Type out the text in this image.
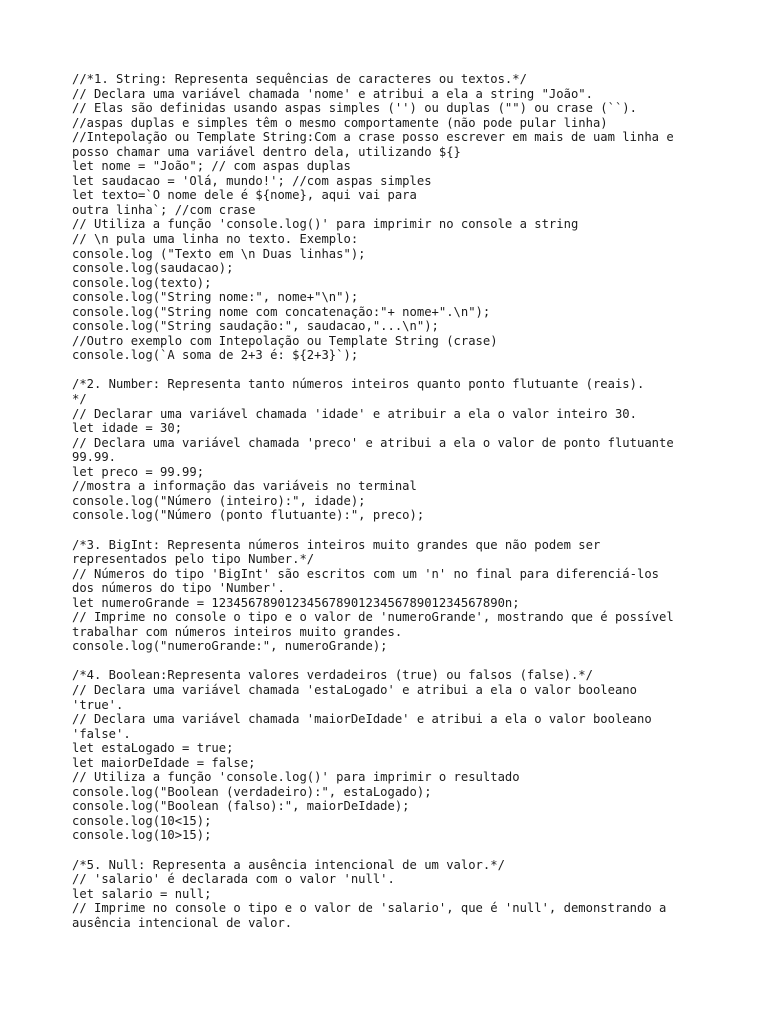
//*1. String: Representa sequências de caracteres ou textos.*/
// Declara uma variável chamada 'nome' e atribui a ela a string "João".
// Elas são definidas usando aspas simples ('') ou duplas ("") ou crase (``).
//aspas duplas e simples têm o mesmo comportamente (não pode pular linha)
//Intepolação ou Template String:Com a crase posso escrever em mais de uam linha e
posso chamar uma variável dentro dela, utilizando ${}
let nome = "João"; // com aspas duplas
let saudacao = 'Olá, mundo!'; //com aspas simples
let texto=`O nome dele é ${nome}, aqui vai para
outra linha`; //com crase
// Utiliza a função 'console.log()' para imprimir no console a string
// \n pula uma linha no texto. Exemplo:
console.log ("Texto em \n Duas linhas");
console.log(saudacao);
console.log(texto);
console.log("String nome:", nome+"\n");
console.log("String nome com concatenação:"+ nome+".\n");
console.log("String saudação:", saudacao,"...\n");
//Outro exemplo com Intepolação ou Template String (crase)
console.log(`A soma de 2+3 é: ${2+3}`);
/*2. Number: Representa tanto números inteiros quanto ponto flutuante (reais).
*/
// Declarar uma variável chamada 'idade' e atribuir a ela o valor inteiro 30.
let idade = 30;
// Declara uma variável chamada 'preco' e atribui a ela o valor de ponto flutuante
99.99.
let preco = 99.99;
//mostra a informação das variáveis no terminal
console.log("Número (inteiro):", idade);
console.log("Número (ponto flutuante):", preco);
/*3. BigInt: Representa números inteiros muito grandes que não podem ser
representados pelo tipo Number.*/
// Números do tipo 'BigInt' são escritos com um 'n' no final para diferenciá-los
dos números do tipo 'Number'.
let numeroGrande = 1234567890123456789012345678901234567890n;
// Imprime no console o tipo e o valor de 'numeroGrande', mostrando que é possível
trabalhar com números inteiros muito grandes.
console.log("numeroGrande:", numeroGrande);
/*4. Boolean:Representa valores verdadeiros (true) ou falsos (false).*/
// Declara uma variável chamada 'estaLogado' e atribui a ela o valor booleano
'true'.
// Declara uma variável chamada 'maiorDeIdade' e atribui a ela o valor booleano
'false'.
let estaLogado = true;
let maiorDeIdade = false;
// Utiliza a função 'console.log()' para imprimir o resultado
console.log("Boolean (verdadeiro):", estaLogado);
console.log("Boolean (falso):", maiorDeIdade);
console.log(10<15);
console.log(10>15);
/*5. Null: Representa a ausência intencional de um valor.*/
// 'salario' é declarada com o valor 'null'.
let salario = null;
// Imprime no console o tipo e o valor de 'salario', que é 'null', demonstrando a
ausência intencional de valor.
